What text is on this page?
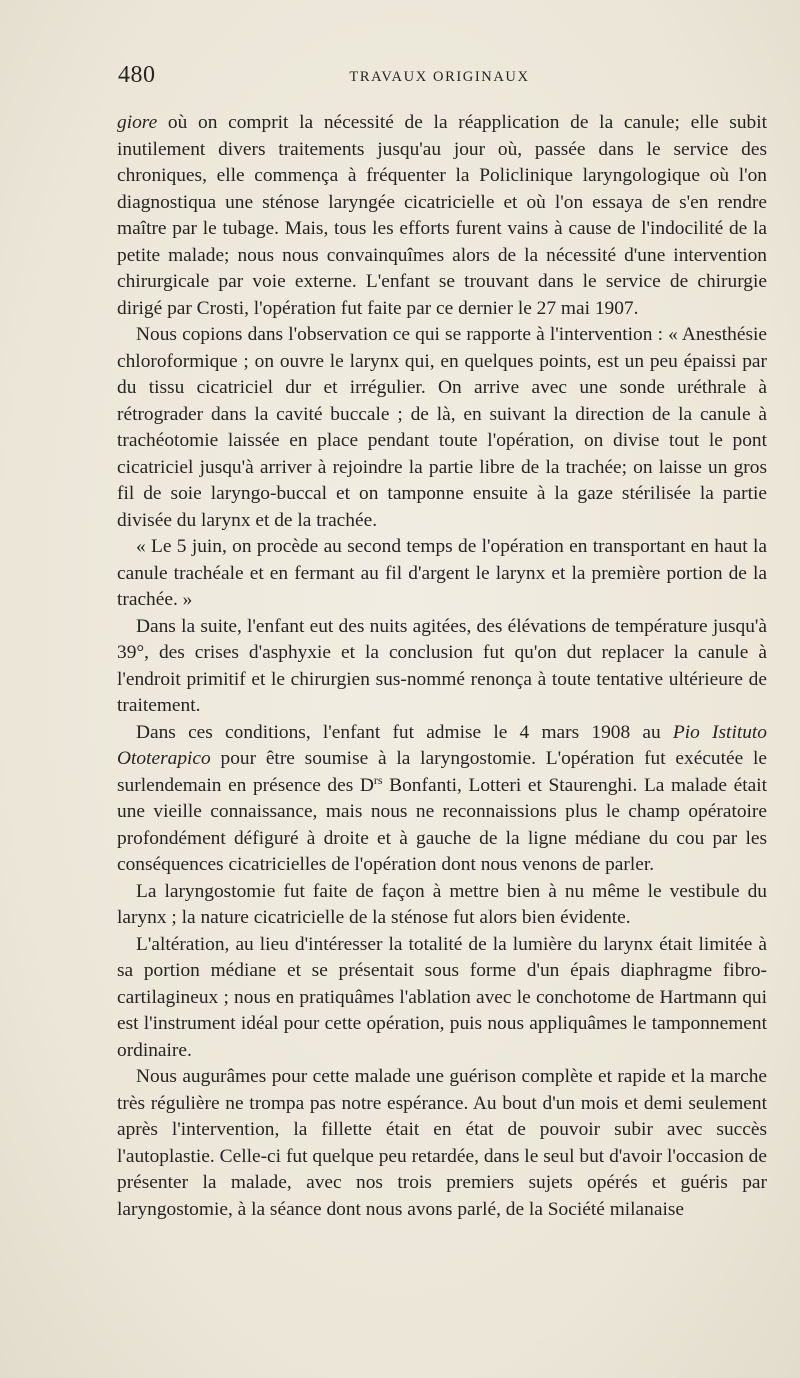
480	TRAVAUX ORIGINAUX

giore où on comprit la nécessité de la réapplication de la canule; elle subit inutilement divers traitements jusqu'au jour où, passée dans le service des chroniques, elle commença à fréquenter la Policlinique laryngologique où l'on diagnostiqua une sténose laryngée cicatricielle et où l'on essaya de s'en rendre maître par le tubage. Mais, tous les efforts furent vains à cause de l'indocilité de la petite malade; nous nous convainquîmes alors de la nécessité d'une intervention chirurgicale par voie externe. L'enfant se trouvant dans le service de chirurgie dirigé par Crosti, l'opération fut faite par ce dernier le 27 mai 1907.

Nous copions dans l'observation ce qui se rapporte à l'intervention : « Anesthésie chloroformique ; on ouvre le larynx qui, en quelques points, est un peu épaissi par du tissu cicatriciel dur et irrégulier. On arrive avec une sonde uréthrale à rétrograder dans la cavité buccale ; de là, en suivant la direction de la canule à trachéotomie laissée en place pendant toute l'opération, on divise tout le pont cicatriciel jusqu'à arriver à rejoindre la partie libre de la trachée; on laisse un gros fil de soie laryngo-buccal et on tamponne ensuite à la gaze stérilisée la partie divisée du larynx et de la trachée.

« Le 5 juin, on procède au second temps de l'opération en transportant en haut la canule trachéale et en fermant au fil d'argent le larynx et la première portion de la trachée. »

Dans la suite, l'enfant eut des nuits agitées, des élévations de température jusqu'à 39°, des crises d'asphyxie et la conclusion fut qu'on dut replacer la canule à l'endroit primitif et le chirurgien sus-nommé renonça à toute tentative ultérieure de traitement.

Dans ces conditions, l'enfant fut admise le 4 mars 1908 au Pio Istituto Ototerapico pour être soumise à la laryngostomie. L'opération fut exécutée le surlendemain en présence des $D^{rs}$ Bonfanti, Lotteri et Staurenghi. La malade était une vieille connaissance, mais nous ne reconnaissions plus le champ opératoire profondément défiguré à droite et à gauche de la ligne médiane du cou par les conséquences cicatricielles de l'opération dont nous venons de parler.

La laryngostomie fut faite de façon à mettre bien à nu même le vestibule du larynx ; la nature cicatricielle de la sténose fut alors bien évidente.

L'altération, au lieu d'intéresser la totalité de la lumière du larynx était limitée à sa portion médiane et se présentait sous forme d'un épais diaphragme fibro-cartilagineux ; nous en pratiquâmes l'ablation avec le conchotome de Hartmann qui est l'instrument idéal pour cette opération, puis nous appliquâmes le tamponnement ordinaire.

Nous augurâmes pour cette malade une guérison complète et rapide et la marche très régulière ne trompa pas notre espérance. Au bout d'un mois et demi seulement après l'intervention, la fillette était en état de pouvoir subir avec succès l'autoplastie. Celle-ci fut quelque peu retardée, dans le seul but d'avoir l'occasion de présenter la malade, avec nos trois premiers sujets opérés et guéris par laryngostomie, à la séance dont nous avons parlé, de la Société milanaise
